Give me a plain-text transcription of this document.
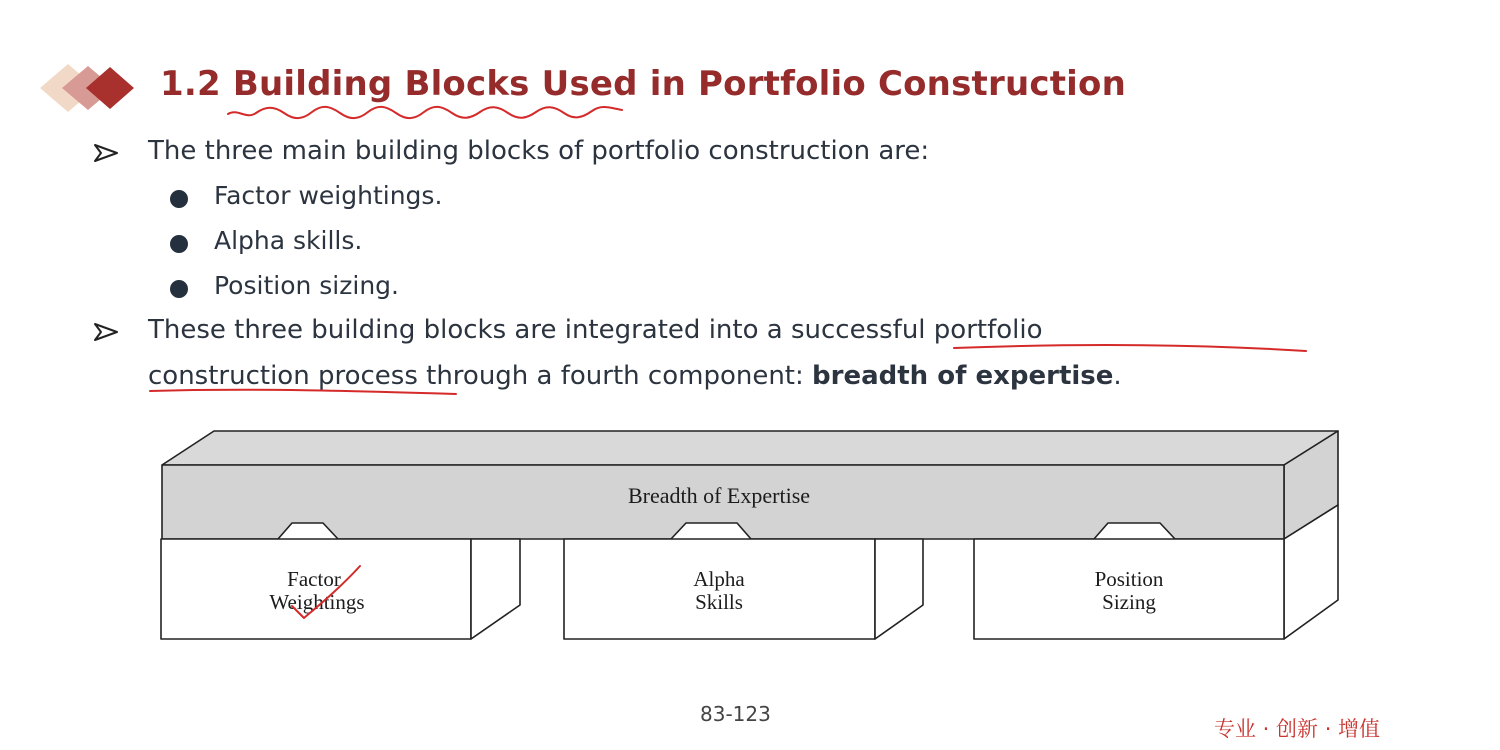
1.2 Building Blocks Used in Portfolio Construction
The three main building blocks of portfolio construction are:
Factor weightings.
Alpha skills.
Position sizing.
These three building blocks are integrated into a successful portfolio
construction process through a fourth component: breadth of expertise.
Breadth of Expertise
Factor
Weightings
Alpha
Skills
Position
Sizing
83-123
专业 · 创新 · 增值
